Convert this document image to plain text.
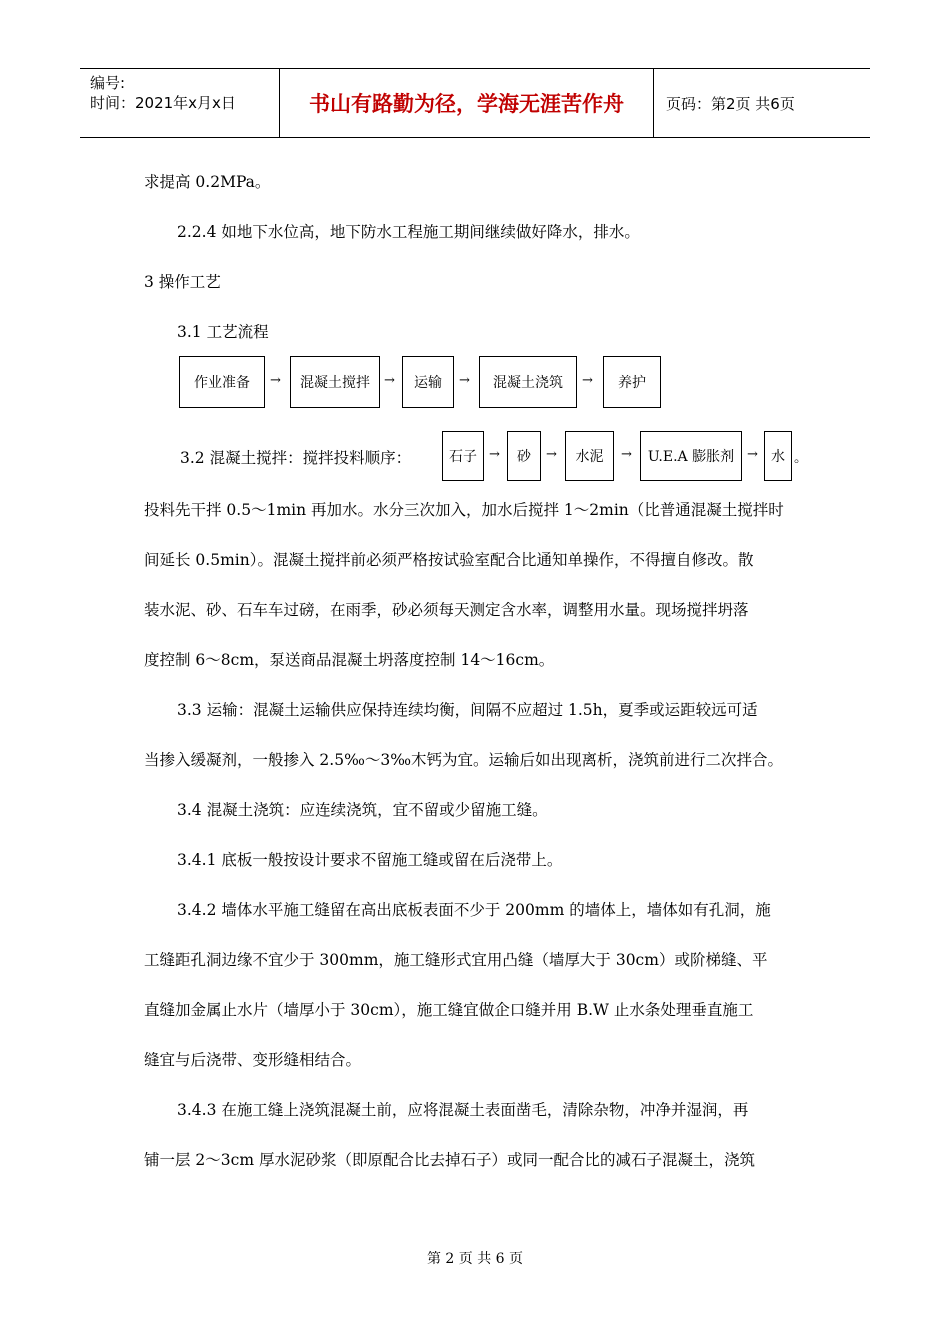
编号:
时间：2021年x月x日	书山有路勤为径，学海无涯苦作舟	页码：第2页 共6页
求提高 0.2MPa。
2.2.4 如地下水位高，地下防水工程施工期间继续做好降水，排水。
3 操作工艺
3.1 工艺流程
作业准备	→	混凝土搅拌	→	运输	→	混凝土浇筑	→	养护
3.2 混凝土搅拌：搅拌投料顺序：	石子 →	砂	→	水泥	→	U.E.A 膨胀剂 → 水 。
投料先干拌 0.5～1min 再加水。水分三次加入，加水后搅拌 1～2min（比普通混凝土搅拌时
间延长 0.5min）。混凝土搅拌前必须严格按试验室配合比通知单操作，不得擅自修改。散
装水泥、砂、石车车过磅，在雨季，砂必须每天测定含水率，调整用水量。现场搅拌坍落
度控制 6～8cm，泵送商品混凝土坍落度控制 14～16cm。
3.3 运输：混凝土运输供应保持连续均衡，间隔不应超过 1.5h，夏季或运距较远可适
当掺入缓凝剂，一般掺入 2.5‰～3‰木钙为宜。运输后如出现离析，浇筑前进行二次拌合。
3.4 混凝土浇筑：应连续浇筑，宜不留或少留施工缝。
3.4.1 底板一般按设计要求不留施工缝或留在后浇带上。
3.4.2 墙体水平施工缝留在高出底板表面不少于 200mm 的墙体上，墙体如有孔洞，施
工缝距孔洞边缘不宜少于 300mm，施工缝形式宜用凸缝（墙厚大于 30cm）或阶梯缝、平
直缝加金属止水片（墙厚小于 30cm），施工缝宜做企口缝并用 B.W 止水条处理垂直施工
缝宜与后浇带、变形缝相结合。
3.4.3 在施工缝上浇筑混凝土前，应将混凝土表面凿毛，清除杂物，冲净并湿润，再
铺一层 2～3cm 厚水泥砂浆（即原配合比去掉石子）或同一配合比的减石子混凝土，浇筑
第 2 页 共 6 页
